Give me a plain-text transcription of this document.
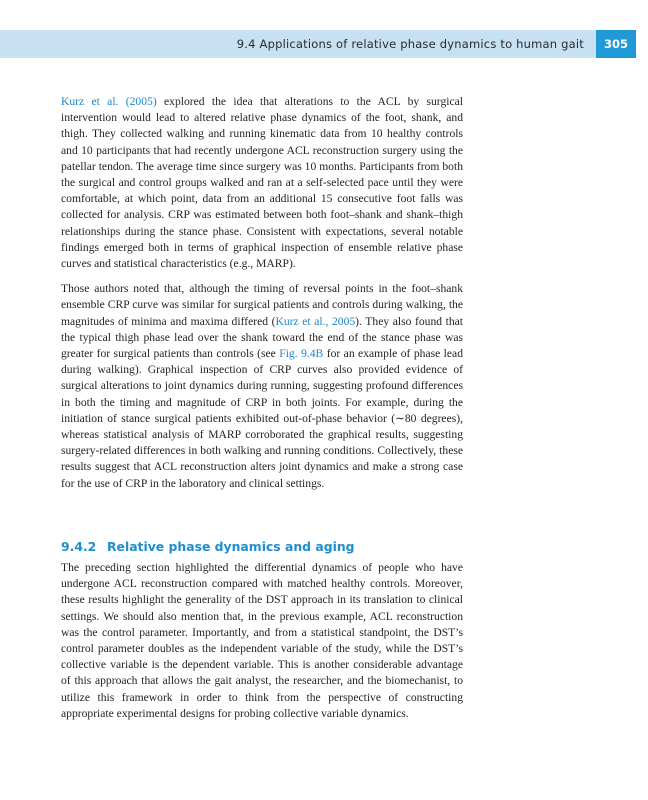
9.4 Applications of relative phase dynamics to human gait	305

Kurz et al. (2005) explored the idea that alterations to the ACL by surgical intervention would lead to altered relative phase dynamics of the foot, shank, and thigh. They collected walking and running kinematic data from 10 healthy controls and 10 participants that had recently undergone ACL reconstruction surgery using the patellar tendon. The average time since surgery was 10 months. Participants from both the surgical and control groups walked and ran at a self-selected pace until they were comfortable, at which point, data from an additional 15 consecutive foot falls was collected for analysis. CRP was estimated between both foot–shank and shank–thigh relationships during the stance phase. Consistent with expectations, several notable findings emerged both in terms of graphical inspection of ensemble relative phase curves and statistical characteristics (e.g., MARP).

Those authors noted that, although the timing of reversal points in the foot–shank ensemble CRP curve was similar for surgical patients and controls during walking, the magnitudes of minima and maxima differed (Kurz et al., 2005). They also found that the typical thigh phase lead over the shank toward the end of the stance phase was greater for surgical patients than controls (see Fig. 9.4B for an example of phase lead during walking). Graphical inspection of CRP curves also provided evidence of surgical alterations to joint dynamics during running, suggesting profound differences in both the timing and magnitude of CRP in both joints. For example, during the initiation of stance surgical patients exhibited out-of-phase behavior (∼80 degrees), whereas statistical analysis of MARP corroborated the graphical results, suggesting surgery-related differences in both walking and running conditions. Collectively, these results suggest that ACL reconstruction alters joint dynamics and make a strong case for the use of CRP in the laboratory and clinical settings.

9.4.2 Relative phase dynamics and aging

The preceding section highlighted the differential dynamics of people who have undergone ACL reconstruction compared with matched healthy controls. Moreover, these results highlight the generality of the DST approach in its translation to clinical settings. We should also mention that, in the previous example, ACL reconstruction was the control parameter. Importantly, and from a statistical standpoint, the DST’s control parameter doubles as the independent variable of the study, while the DST’s collective variable is the dependent variable. This is another considerable advantage of this approach that allows the gait analyst, the researcher, and the biomechanist, to utilize this framework in order to think from the perspective of constructing appropriate experimental designs for probing collective variable dynamics.
